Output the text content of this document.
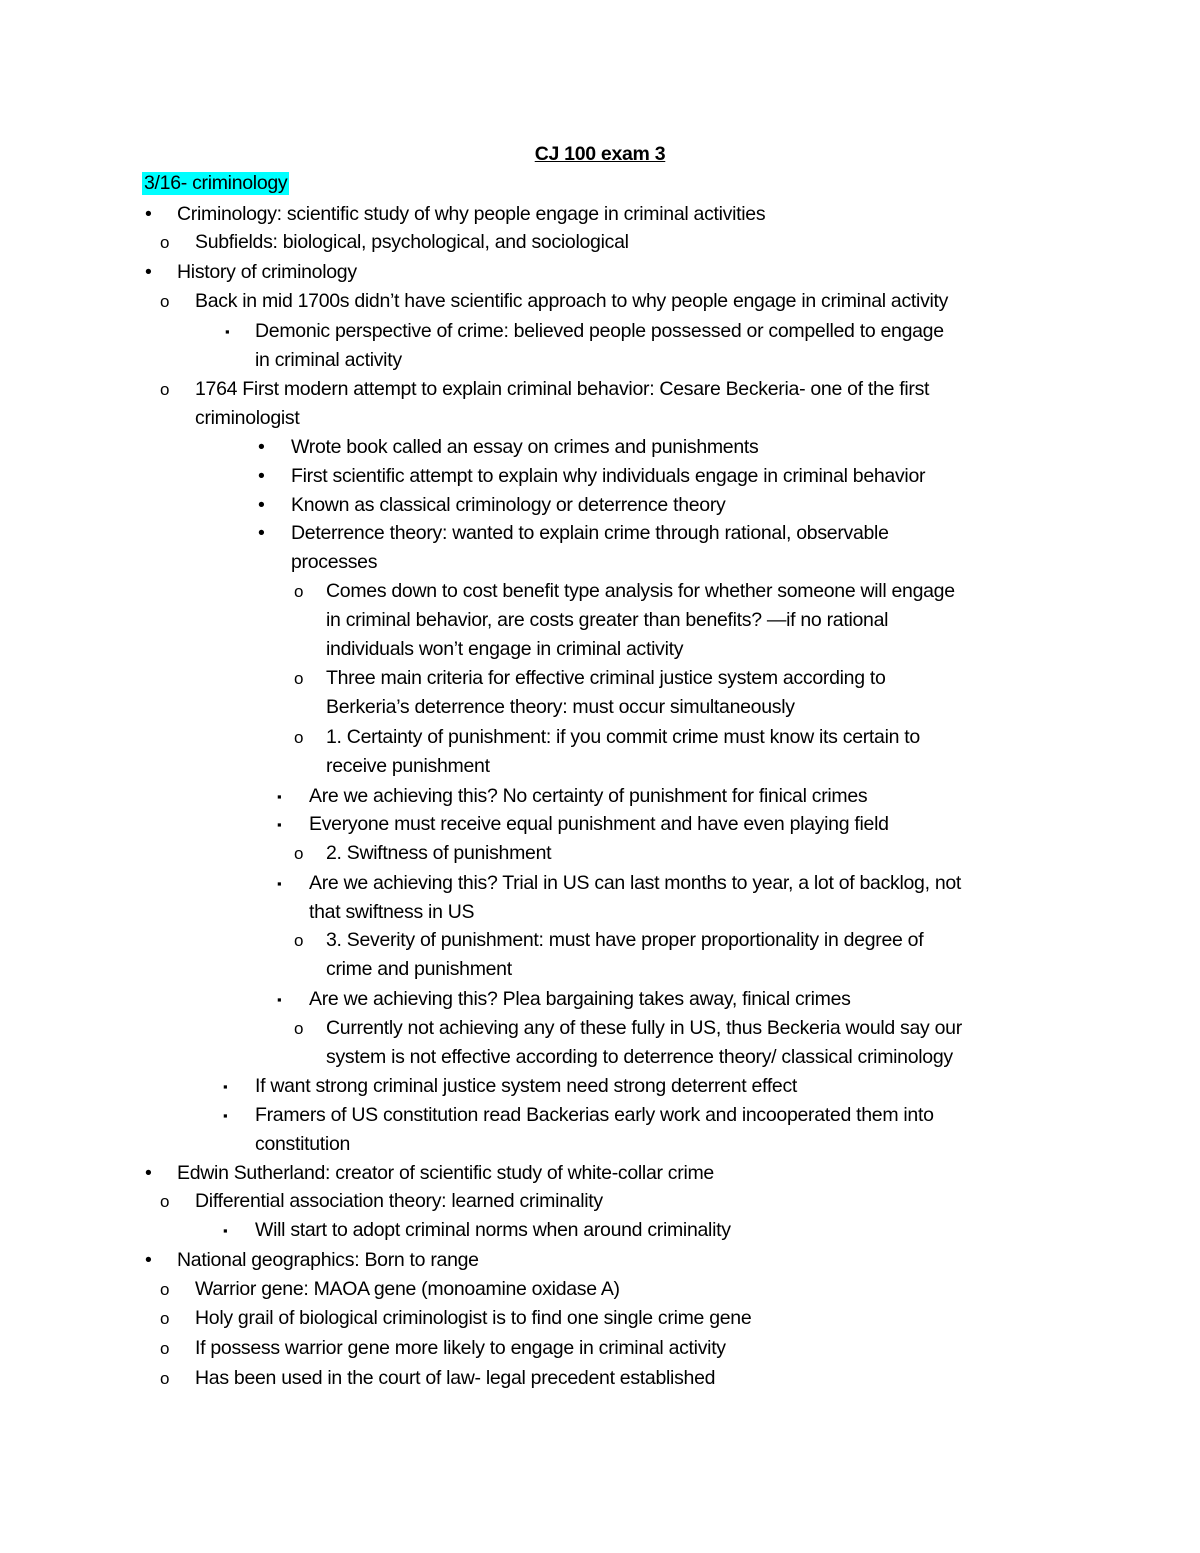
CJ 100 exam 3
3/16- criminology
• Criminology: scientific study of why people engage in criminal activities
o Subfields: biological, psychological, and sociological
• History of criminology
o Back in mid 1700s didn’t have scientific approach to why people engage in criminal activity
▪ Demonic perspective of crime: believed people possessed or compelled to engage
in criminal activity
o 1764 First modern attempt to explain criminal behavior: Cesare Beckeria- one of the first
criminologist
• Wrote book called an essay on crimes and punishments
• First scientific attempt to explain why individuals engage in criminal behavior
• Known as classical criminology or deterrence theory
• Deterrence theory: wanted to explain crime through rational, observable
processes
o Comes down to cost benefit type analysis for whether someone will engage
in criminal behavior, are costs greater than benefits? —if no rational
individuals won’t engage in criminal activity
o Three main criteria for effective criminal justice system according to
Berkeria’s deterrence theory: must occur simultaneously
o 1. Certainty of punishment: if you commit crime must know its certain to
receive punishment
▪ Are we achieving this? No certainty of punishment for finical crimes
▪ Everyone must receive equal punishment and have even playing field
o 2. Swiftness of punishment
▪ Are we achieving this? Trial in US can last months to year, a lot of backlog, not
that swiftness in US
o 3. Severity of punishment: must have proper proportionality in degree of
crime and punishment
▪ Are we achieving this? Plea bargaining takes away, finical crimes
o Currently not achieving any of these fully in US, thus Beckeria would say our
system is not effective according to deterrence theory/ classical criminology
▪ If want strong criminal justice system need strong deterrent effect
▪ Framers of US constitution read Backerias early work and incooperated them into
constitution
• Edwin Sutherland: creator of scientific study of white-collar crime
o Differential association theory: learned criminality
▪ Will start to adopt criminal norms when around criminality
• National geographics: Born to range
o Warrior gene: MAOA gene (monoamine oxidase A)
o Holy grail of biological criminologist is to find one single crime gene
o If possess warrior gene more likely to engage in criminal activity
o Has been used in the court of law- legal precedent established
